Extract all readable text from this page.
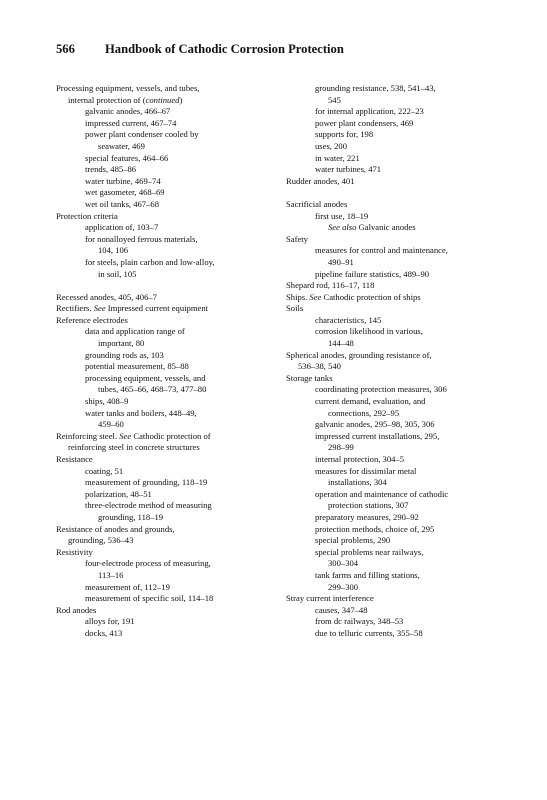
566 Handbook of Cathodic Corrosion Protection
Processing equipment, vessels, and tubes,
internal protection of (continued)
galvanic anodes, 466–67
impressed current, 467–74
power plant condenser cooled by
seawater, 469
special features, 464–66
trends, 485–86
water turbine, 469–74
wet gasometer, 468–69
wet oil tanks, 467–68
Protection criteria
application of, 103–7
for nonalloyed ferrous materials,
104, 106
for steels, plain carbon and low-alloy,
in soil, 105
Recessed anodes, 405, 406–7
Rectifiers. See Impressed current equipment
Reference electrodes
data and application range of
important, 80
grounding rods as, 103
potential measurement, 85–88
processing equipment, vessels, and
tubes, 465–66, 468–73, 477–80
ships, 408–9
water tanks and boilers, 448–49,
459–60
Reinforcing steel. See Cathodic protection of
reinforcing steel in concrete structures
Resistance
coating, 51
measurement of grounding, 118–19
polarization, 48–51
three-electrode method of measuring
grounding, 118–19
Resistance of anodes and grounds,
grounding, 536–43
Resistivity
four-electrode process of measuring,
113–16
measurement of, 112–19
measurement of specific soil, 114–18
Rod anodes
alloys for, 191
docks, 413
grounding resistance, 538, 541–43,
545
for internal application, 222–23
power plant condensers, 469
supports for, 198
uses, 200
in water, 221
water turbines, 471
Rudder anodes, 401
Sacrificial anodes
first use, 18–19
See also Galvanic anodes
Safety
measures for control and maintenance,
490–91
pipeline failure statistics, 489–90
Shepard rod, 116–17, 118
Ships. See Cathodic protection of ships
Soils
characteristics, 145
corrosion likelihood in various,
144–48
Spherical anodes, grounding resistance of,
536–38, 540
Storage tanks
coordinating protection measures, 306
current demand, evaluation, and
connections, 292–95
galvanic anodes, 295–98, 305, 306
impressed current installations, 295,
298–99
internal protection, 304–5
measures for dissimilar metal
installations, 304
operation and maintenance of cathodic
protection stations, 307
preparatory measures, 290–92
protection methods, choice of, 295
special problems, 290
special problems near railways,
300–304
tank farms and filling stations,
299–300
Stray current interference
causes, 347–48
from dc railways, 348–53
due to telluric currents, 355–58
